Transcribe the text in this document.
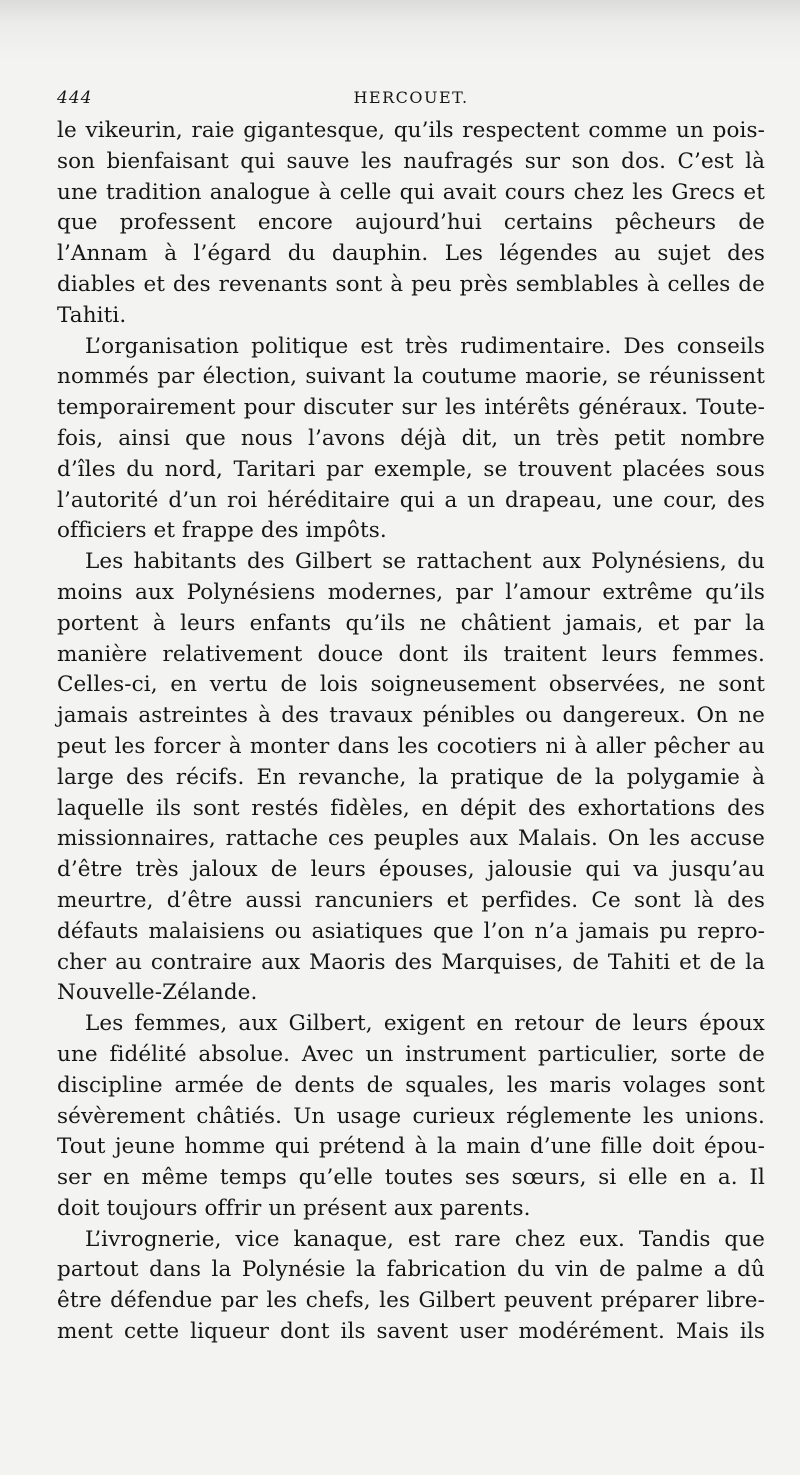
444	HERCOUET.

le vikeurin, raie gigantesque, qu’ils respectent comme un pois-
son bienfaisant qui sauve les naufragés sur son dos. C’est là
une tradition analogue à celle qui avait cours chez les Grecs et
que professent encore aujourd’hui certains pêcheurs de
l’Annam à l’égard du dauphin. Les légendes au sujet des
diables et des revenants sont à peu près semblables à celles de
Tahiti.

L’organisation politique est très rudimentaire. Des conseils
nommés par élection, suivant la coutume maorie, se réunissent
temporairement pour discuter sur les intérêts généraux. Toute-
fois, ainsi que nous l’avons déjà dit, un très petit nombre
d’îles du nord, Taritari par exemple, se trouvent placées sous
l’autorité d’un roi héréditaire qui a un drapeau, une cour, des
officiers et frappe des impôts.

Les habitants des Gilbert se rattachent aux Polynésiens, du
moins aux Polynésiens modernes, par l’amour extrême qu’ils
portent à leurs enfants qu’ils ne châtient jamais, et par la
manière relativement douce dont ils traitent leurs femmes.
Celles-ci, en vertu de lois soigneusement observées, ne sont
jamais astreintes à des travaux pénibles ou dangereux. On ne
peut les forcer à monter dans les cocotiers ni à aller pêcher au
large des récifs. En revanche, la pratique de la polygamie à
laquelle ils sont restés fidèles, en dépit des exhortations des
missionnaires, rattache ces peuples aux Malais. On les accuse
d’être très jaloux de leurs épouses, jalousie qui va jusqu’au
meurtre, d’être aussi rancuniers et perfides. Ce sont là des
défauts malaisiens ou asiatiques que l’on n’a jamais pu repro-
cher au contraire aux Maoris des Marquises, de Tahiti et de la
Nouvelle-Zélande.

Les femmes, aux Gilbert, exigent en retour de leurs époux
une fidélité absolue. Avec un instrument particulier, sorte de
discipline armée de dents de squales, les maris volages sont
sévèrement châtiés. Un usage curieux réglemente les unions.
Tout jeune homme qui prétend à la main d’une fille doit épou-
ser en même temps qu’elle toutes ses sœurs, si elle en a. Il
doit toujours offrir un présent aux parents.

L’ivrognerie, vice kanaque, est rare chez eux. Tandis que
partout dans la Polynésie la fabrication du vin de palme a dû
être défendue par les chefs, les Gilbert peuvent préparer libre-
ment cette liqueur dont ils savent user modérément. Mais ils
